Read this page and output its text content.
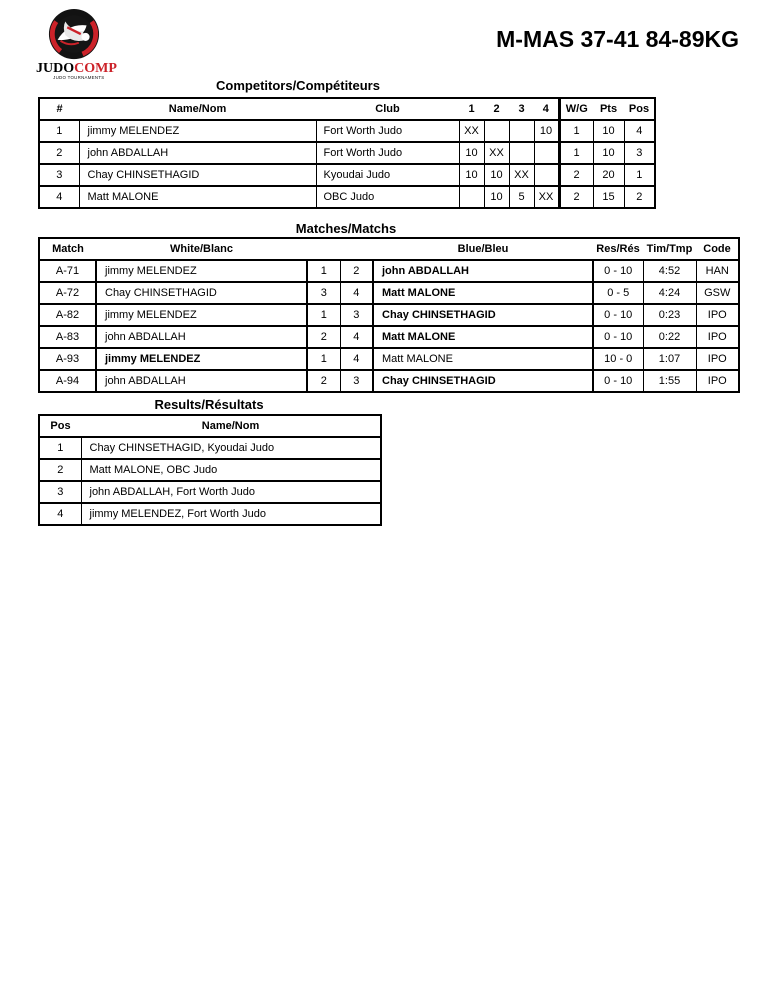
JUDOCOMP
JUDO TOURNAMENTS
M-MAS 37-41 84-89KG
Competitors/Compétiteurs
#	Name/Nom	Club	1	2	3	4	W/G	Pts	Pos
1	jimmy MELENDEZ	Fort Worth Judo	XX			10	1	10	4
2	john ABDALLAH	Fort Worth Judo	10	XX			1	10	3
3	Chay CHINSETHAGID	Kyoudai Judo	10	10	XX		2	20	1
4	Matt MALONE	OBC Judo		10	5	XX	2	15	2
Matches/Matchs
Match	White/Blanc			Blue/Bleu	Res/Rés	Tim/Tmp	Code
A-71	jimmy MELENDEZ	1	2	john ABDALLAH	0 - 10	4:52	HAN
A-72	Chay CHINSETHAGID	3	4	Matt MALONE	0 - 5	4:24	GSW
A-82	jimmy MELENDEZ	1	3	Chay CHINSETHAGID	0 - 10	0:23	IPO
A-83	john ABDALLAH	2	4	Matt MALONE	0 - 10	0:22	IPO
A-93	jimmy MELENDEZ	1	4	Matt MALONE	10 - 0	1:07	IPO
A-94	john ABDALLAH	2	3	Chay CHINSETHAGID	0 - 10	1:55	IPO
Results/Résultats
Pos	Name/Nom
1	Chay CHINSETHAGID, Kyoudai Judo
2	Matt MALONE, OBC Judo
3	john ABDALLAH, Fort Worth Judo
4	jimmy MELENDEZ, Fort Worth Judo
